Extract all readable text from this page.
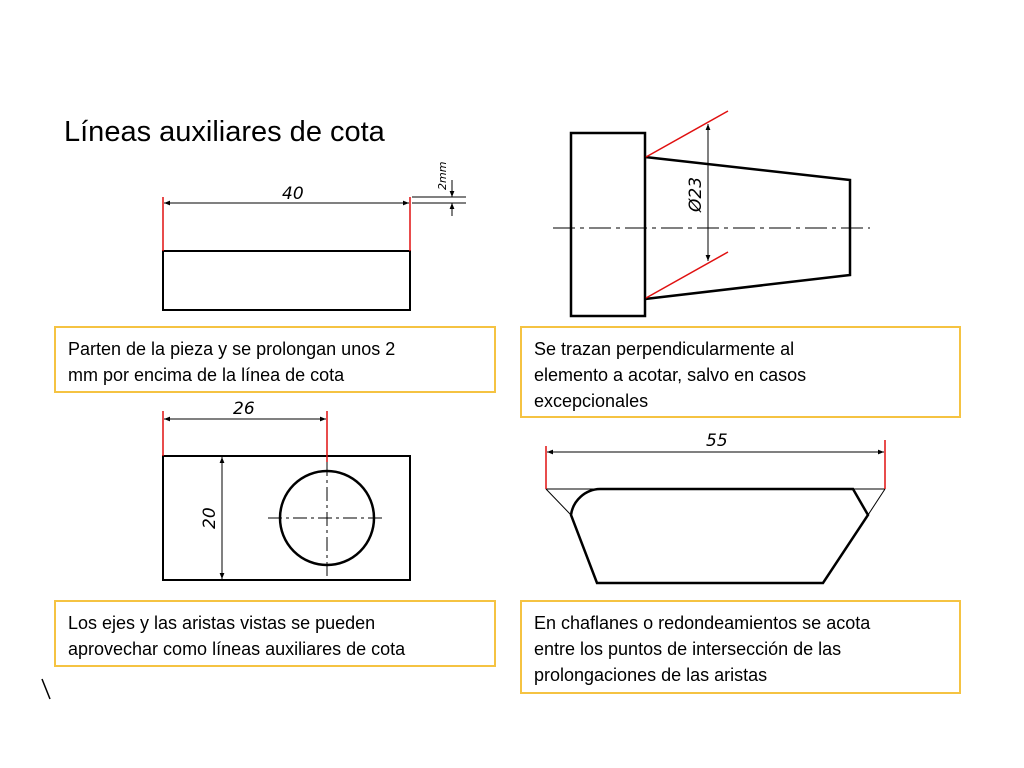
Líneas auxiliares de cota
40
2mm
Ø23
26
20
55
Parten de la pieza y se prolongan unos 2
mm por encima de la línea de cota
Se trazan perpendicularmente al
elemento a acotar, salvo en casos
excepcionales
Los ejes y las aristas vistas se pueden
aprovechar como líneas auxiliares de cota
En chaflanes o redondeamientos se acota
entre los puntos de intersección de las
prolongaciones de las aristas
